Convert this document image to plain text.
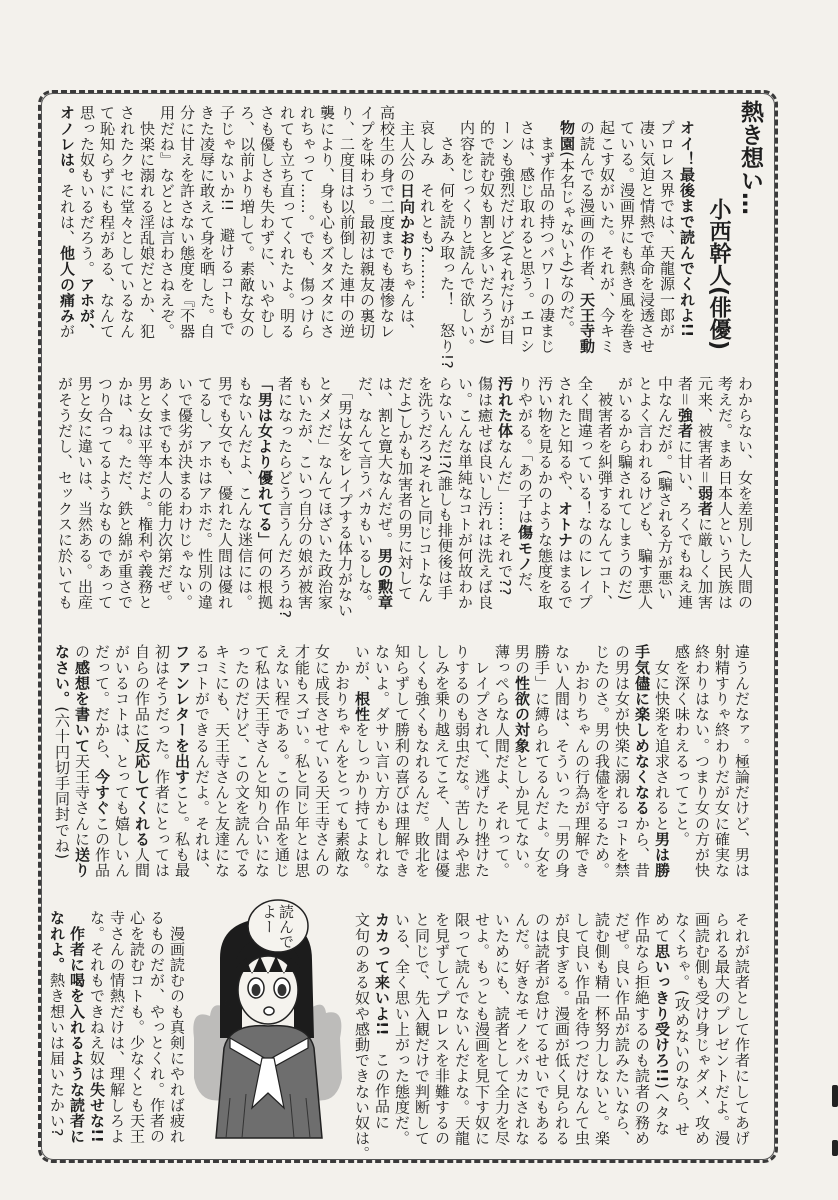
熱き想い…
小西幹人(俳優)
オイ！最後まで読んでくれよ!!
プロレス界では、天龍源一郎が
凄い気迫と情熱で革命を浸透させ
ている。漫画界にも熱き風を巻き
起こす奴がいた。それが、今キミ
の読んでる漫画の作者、天王寺動
物園(本名じゃないよ)なのだ。
　まず作品の持つパワーの凄まじ
さは、感じ取れると思う。エロシ
ーンも強烈だけど(それだけが目
的で読む奴も割と多いだろうが)
内容をじっくりと読んで欲しい。
　さあ、何を読み取った！　怒り!?
哀しみ　それとも?………
　主人公の日向かおりちゃんは、
高校生の身で二度までも凄惨なレ
イプを味わう。最初は親友の裏切
り、二度目は以前倒した連中の逆
襲により、身も心もズタズタにさ
れちゃって……。でも、傷つけら
れても立ち直ってくれたよ。明る
さも優しさも失わずに、いやむし
ろ、以前より増して。素敵な女の
子じゃないか!!　避けるコトもで
きた凌辱に敢えて身を晒した。自
分に甘えを許さない態度を『不器
用だね』などとは言わさねえぞ。
　快楽に溺れる淫乱娘だとか、犯
されたクセに堂々としているなん
て恥知らずにも程がある、なんて
思った奴もいるだろう。アホが、
オノレは。それは、他人の痛みが
わからない、女を差別した人間の
考えだ。まあ日本人という民族は
元来、被害者＝弱者に厳しく加害
者＝強者に甘い、ろくでもねえ連
中なんだが。(騙される方が悪い
とよく言われるけども、騙す悪人
がいるから騙されてしまうのだ)
　被害者を糾弾するなんてコト、
全く間違っている！なのにレイプ
されたと知るや、オトナはまるで
汚い物を見るかのような態度を取
りやがる。「あの子は傷モノだ、
汚れた体なんだ」……それで??
傷は癒せば良いし汚れは洗えば良
い。こんな単純なコトが何故わか
らないんだ!?(誰しも排便後は手
を洗うだろ?それと同じコトなん
だよ)しかも加害者の男に対して
は、割と寛大なんだぜ。男の勲章
だ、なんて言うバカもいるしな。
　「男は女をレイプする体力がない
とダメだ」なんてほざいた政治家
もいたが、こいつ自分の娘が被害
者になったらどう言うんだろうね?
「男は女より優れてる」何の根拠
もないんだよ、こんな迷信には。
男でも女でも、優れた人間は優れ
てるし、アホはアホだ。性別の違
いで優劣が決まるわけじゃない。
あくまでも本人の能力次第だぜ。
男と女は平等だよ。権利や義務と
かは、ね。ただ、鉄と綿が重さで
つり合ってるようなものであって
男と女に違いは、当然ある。出産
がそうだし、セックスに於いても
違うんだなァ。極論だけど、男は
射精すりゃ終わりだが女に確実な
終わりはない。つまり女の方が快
感を深く味わえるってこと。
　女に快楽を追求されると男は勝
手気儘に楽しめなくなるから、昔
の男は女が快楽に溺れるコトを禁
じたのさ。男の我儘を守るため。
　かおりちゃんの行為が理解でき
ない人間は、そういった「男の身
勝手」に縛られてるんだよ。女を
男の性欲の対象としか見てない。
薄っぺらな人間だよ、それって。
　レイプされて、逃げたり挫けた
りするのも弱虫だな。苦しみや悲
しみを乗り越えてこそ、人間は優
しくも強くもなれるんだ。敗北を
知らずして勝利の喜びは理解でき
ないよ。ダサい言い方かもしれな
いが、根性をしっかり持てよな。
　かおりちゃんをとっても素敵な
女に成長させている天王寺さんの
才能もスゴい。私と同じ年とは思
えない程である。この作品を通じ
て私は天王寺さんと知り合いにな
ったのだけど、この文を読んでる
キミにも、天王寺さんと友達にな
るコトができるんだよ。それは、
ファンレターを出すこと。私も最
初はそうだった。作者にとっては
自らの作品に反応してくれる人間
がいるコトは、とっても嬉しいん
だって。だから、今すぐこの作品
の感想を書いて天王寺さんに送り
なさい。(六十円切手同封でね)
それが読者として作者にしてあげ
られる最大のプレゼントだよ。漫
画読む側も受け身じゃダメ、攻め
なくちゃ。(攻めないのなら、せ
めて思いっきり受けろ!!)ヘタな
作品なら拒絶するのも読者の務め
だぜ。良い作品が読みたいなら、
読む側も精一杯努力しないと。楽
して良い作品を待つだけなんて虫
が良すぎる。漫画が低く見られる
のは読者が怠けてるせいでもある
んだ。好きなモノをバカにされな
いためにも、読者として全力を尽
せよ。もっとも漫画を見下す奴に
限って読んでないんだよな。天龍
を見ずしてプロレスを非難するの
と同じで、先入観だけで判断して
いる、全く思い上がった態度だ。
カカって来いよ!!　この作品に
文句のある奴や感動できない奴は。
　漫画読むのも真剣にやれば疲れ
るものだが、やっとくれ。作者の
心を読むコトも。少なくとも天王
寺さんの情熱だけは、理解しろよ
な。それもできねえ奴は失せな!!
　作者に喝を入れるような読者に
なれよ。熱き想いは届いたかい?
読んでよー
むす
